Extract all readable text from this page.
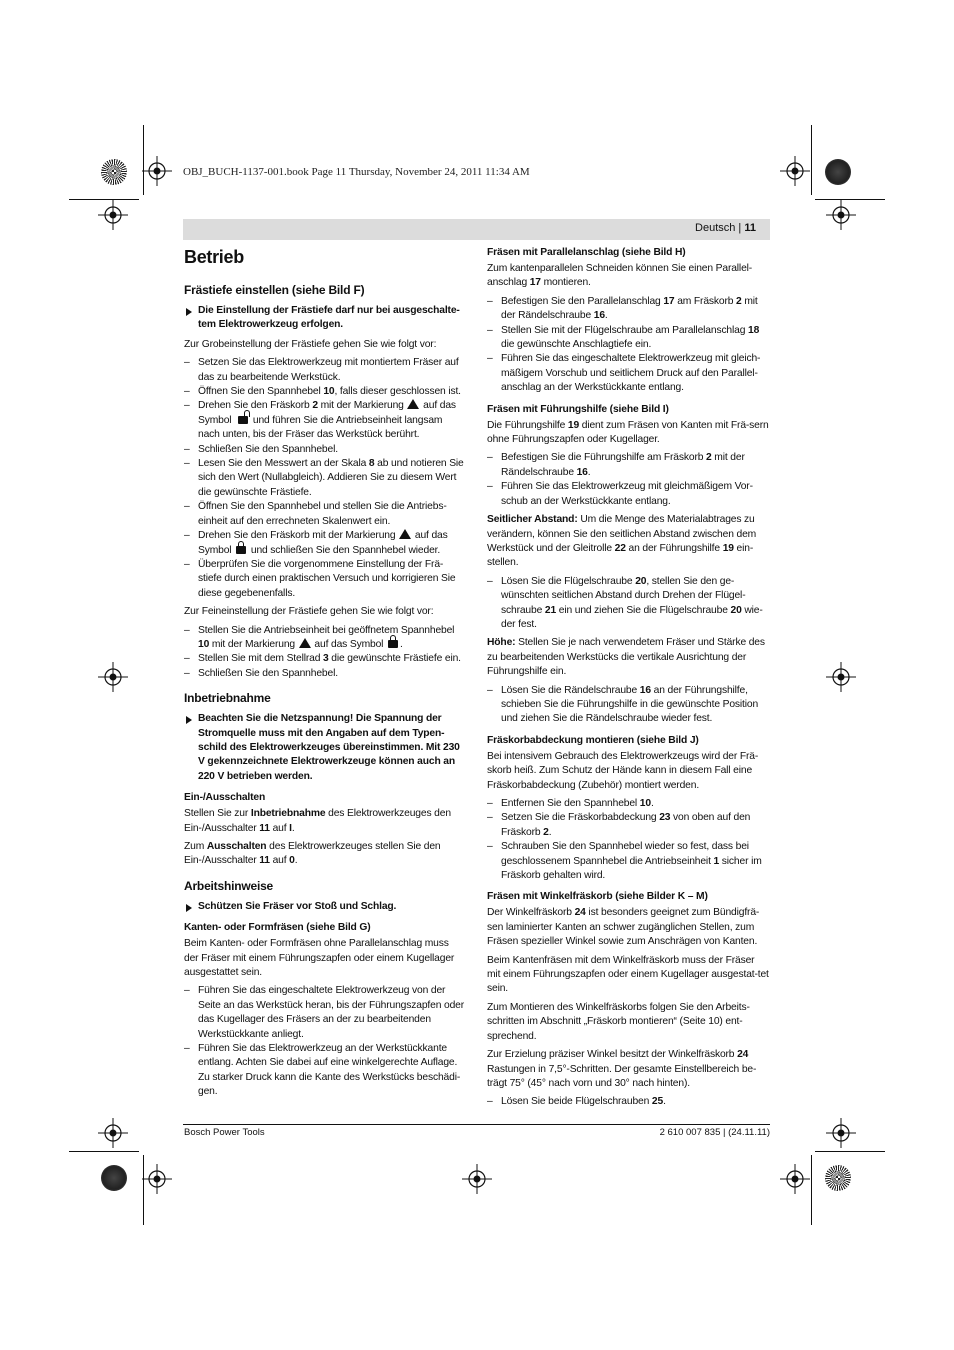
OBJ_BUCH-1137-001.book Page 11 Thursday, November 24, 2011 11:34 AM
Deutsch | 11
Betrieb
Frästiefe einstellen (siehe Bild F)
Die Einstellung der Frästiefe darf nur bei ausgeschalte-tem Elektrowerkzeug erfolgen.

Zur Grobeinstellung der Frästiefe gehen Sie wie folgt vor:

– Setzen Sie das Elektrowerkzeug mit montiertem Fräser auf das zu bearbeitende Werkstück.
– Öffnen Sie den Spannhebel 10, falls dieser geschlossen ist.
– Drehen Sie den Fräskorb 2 mit der Markierung  auf das Symbol  und führen Sie die Antriebseinheit langsam nach unten, bis der Fräser das Werkstück berührt.
– Schließen Sie den Spannhebel.
– Lesen Sie den Messwert an der Skala 8 ab und notieren Sie sich den Wert (Nullabgleich). Addieren Sie zu diesem Wert die gewünschte Frästiefe.
– Öffnen Sie den Spannhebel und stellen Sie die Antriebs-einheit auf den errechneten Skalenwert ein.
– Drehen Sie den Fräskorb mit der Markierung  auf das Symbol  und schließen Sie den Spannhebel wieder.
– Überprüfen Sie die vorgenommene Einstellung der Frä-stiefe durch einen praktischen Versuch und korrigieren Sie diese gegebenenfalls.

Zur Feineinstellung der Frästiefe gehen Sie wie folgt vor:

– Stellen Sie die Antriebseinheit bei geöffnetem Spannhebel 10 mit der Markierung  auf das Symbol .
– Stellen Sie mit dem Stellrad 3 die gewünschte Frästiefe ein.
– Schließen Sie den Spannhebel.
Inbetriebnahme
Beachten Sie die Netzspannung! Die Spannung der Stromquelle muss mit den Angaben auf dem Typen-schild des Elektrowerkzeuges übereinstimmen. Mit 230 V gekennzeichnete Elektrowerkzeuge können auch an 220 V betrieben werden.
Ein-/Ausschalten

Stellen Sie zur Inbetriebnahme des Elektrowerkzeuges den Ein-/Ausschalter 11 auf I.

Zum Ausschalten des Elektrowerkzeuges stellen Sie den Ein-/Ausschalter 11 auf 0.

Arbeitshinweise
Schützen Sie Fräser vor Stoß und Schlag.
Kanten- oder Formfräsen (siehe Bild G)

Beim Kanten- oder Formfräsen ohne Parallelanschlag muss der Fräser mit einem Führungszapfen oder einem Kugellager ausgestattet sein.

– Führen Sie das eingeschaltete Elektrowerkzeug von der Seite an das Werkstück heran, bis der Führungszapfen oder das Kugellager des Fräsers an der zu bearbeitenden Werkstückkante anliegt.
– Führen Sie das Elektrowerkzeug an der Werkstückkante entlang. Achten Sie dabei auf eine winkelgerechte Auflage. Zu starker Druck kann die Kante des Werkstücks beschädi-gen.
Fräsen mit Parallelanschlag (siehe Bild H)

Zum kantenparallelen Schneiden können Sie einen Parallel-anschlag 17 montieren.

– Befestigen Sie den Parallelanschlag 17 am Fräskorb 2 mit der Rändelschraube 16.
– Stellen Sie mit der Flügelschraube am Parallelanschlag 18 die gewünschte Anschlagtiefe ein.
– Führen Sie das eingeschaltete Elektrowerkzeug mit gleich-mäßigem Vorschub und seitlichem Druck auf den Parallel-anschlag an der Werkstückkante entlang.
Fräsen mit Führungshilfe (siehe Bild I)

Die Führungshilfe 19 dient zum Fräsen von Kanten mit Frä-sern ohne Führungszapfen oder Kugellager.

– Befestigen Sie die Führungshilfe am Fräskorb 2 mit der Rändelschraube 16.
– Führen Sie das Elektrowerkzeug mit gleichmäßigem Vor-schub an der Werkstückkante entlang.

Seitlicher Abstand: Um die Menge des Materialabtrages zu verändern, können Sie den seitlichen Abstand zwischen dem Werkstück und der Gleitrolle 22 an der Führungshilfe 19 ein-stellen.

– Lösen Sie die Flügelschraube 20, stellen Sie den ge-wünschten seitlichen Abstand durch Drehen der Flügel-schraube 21 ein und ziehen Sie die Flügelschraube 20 wie-der fest.

Höhe: Stellen Sie je nach verwendetem Fräser und Stärke des zu bearbeitenden Werkstücks die vertikale Ausrichtung der Führungshilfe ein.

– Lösen Sie die Rändelschraube 16 an der Führungshilfe, schieben Sie die Führungshilfe in die gewünschte Position und ziehen Sie die Rändelschraube wieder fest.
Fräskorbabdeckung montieren (siehe Bild J)

Bei intensivem Gebrauch des Elektrowerkzeugs wird der Frä-skorb heiß. Zum Schutz der Hände kann in diesem Fall eine Fräskorbabdeckung (Zubehör) montiert werden.

– Entfernen Sie den Spannhebel 10.
– Setzen Sie die Fräskorbabdeckung 23 von oben auf den Fräskorb 2.
– Schrauben Sie den Spannhebel wieder so fest, dass bei geschlossenem Spannhebel die Antriebseinheit 1 sicher im Fräskorb gehalten wird.
Fräsen mit Winkelfräskorb (siehe Bilder K – M)

Der Winkelfräskorb 24 ist besonders geeignet zum Bündigfrä-sen laminierter Kanten an schwer zugänglichen Stellen, zum Fräsen spezieller Winkel sowie zum Anschrägen von Kanten.

Beim Kantenfräsen mit dem Winkelfräskorb muss der Fräser mit einem Führungszapfen oder einem Kugellager ausgestat-tet sein.

Zum Montieren des Winkelfräskorbs folgen Sie den Arbeits-schritten im Abschnitt „Fräskorb montieren“ (Seite 10) ent-sprechend.

Zur Erzielung präziser Winkel besitzt der Winkelfräskorb 24 Rastungen in 7,5°-Schritten. Der gesamte Einstellbereich be-trägt 75° (45° nach vorn und 30° nach hinten).

– Lösen Sie beide Flügelschrauben 25.
Bosch Power Tools	2 610 007 835 | (24.11.11)
